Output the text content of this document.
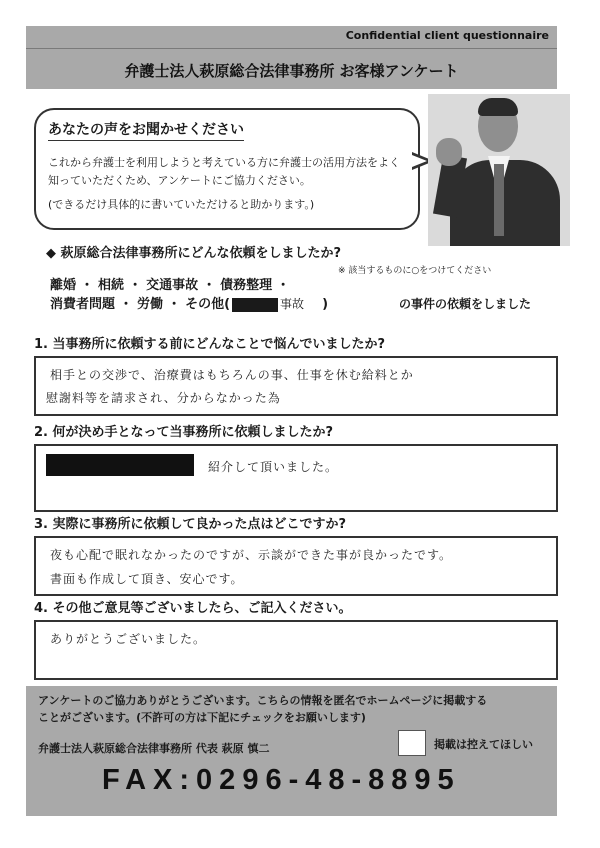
Confidential client questionnaire
弁護士法人萩原総合法律事務所 お客様アンケート
あなたの声をお聞かせください
これから弁護士を利用しようと考えている方に弁護士の活用方法をよく知っていただくため、アンケートにご協力ください。
(できるだけ具体的に書いていただけると助かります。)
◆ 萩原総合法律事務所にどんな依頼をしましたか?
※ 該当するものに○をつけてください
離婚 ・ 相続 ・ 交通事故 ・ 債務整理 ・
消費者問題 ・ 労働 ・ その他(	事故 )	の事件の依頼をしました
1. 当事務所に依頼する前にどんなことで悩んでいましたか?
相手との交渉で、治療費はもちろんの事、仕事を休む給料とか
慰謝料等を請求され、分からなかった為
2. 何が決め手となって当事務所に依頼しましたか?
紹介して頂いました。
3. 実際に事務所に依頼して良かった点はどこですか?
夜も心配で眠れなかったのですが、示談ができた事が良かったです。
書面も作成して頂き、安心です。
4. その他ご意見等ございましたら、ご記入ください。
ありがとうございました。
アンケートのご協力ありがとうございます。こちらの情報を匿名でホームページに掲載する
ことがございます。(不許可の方は下記にチェックをお願いします)
弁護士法人萩原総合法律事務所 代表 萩原 慎二	掲載は控えてほしい
FAX:0296-48-8895
